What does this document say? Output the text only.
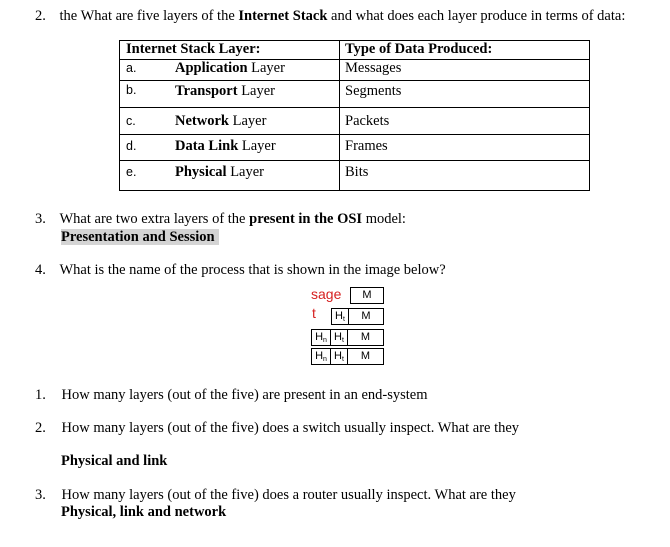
2. the What are five layers of the Internet Stack and what does each layer produce in terms of data:
Internet Stack Layer:	Type of Data Produced:

a. Application Layer	Messages

b. Transport Layer	Segments

c. Network Layer	Packets

d. Data Link Layer	Frames

e. Physical Layer	Bits
3. What are two extra layers of the present in the OSI model:
Presentation and Session
4. What is the name of the process that is shown in the image below?
sage
t
M
$H_t$	M
$H_n$ $H_t$	M
$H_n$ $H_t$	M
1. How many layers (out of the five) are present in an end-system
2. How many layers (out of the five) does a switch usually inspect. What are they
Physical and link
3. How many layers (out of the five) does a router usually inspect. What are they
Physical, link and network
